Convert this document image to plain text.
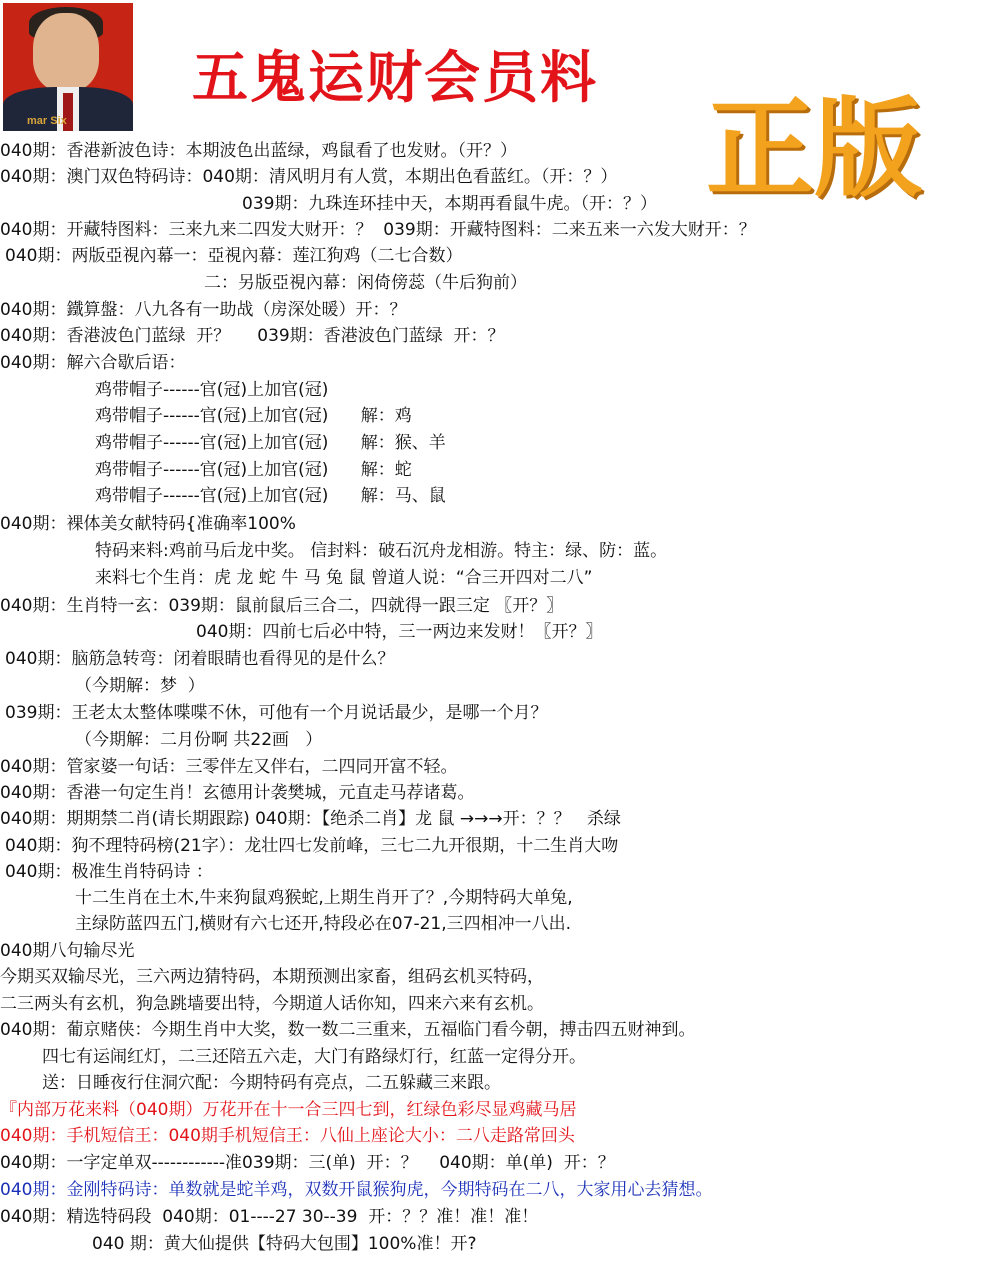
mar Six
五鬼运财会员料
正版
040期：香港新波色诗：本期波色出蓝绿，鸡鼠看了也发财。（开？）
040期：澳门双色特码诗：040期：清风明月有人赏，本期出色看蓝红。（开：？）
039期：九珠连环挂中天，本期再看鼠牛虎。（开：？）
040期：开藏特图料：三来九来二四发大财开：？  039期：开藏特图料：二来五来一六发大财开：？
040期：两版亞視內幕一：亞視內幕：莲江狗鸡（二七合数）
二：另版亞視內幕：闲倚傍蕊（牛后狗前）
040期：鐵算盤：八九各有一助战（房深处暖）开：？
040期：香港波色门蓝绿  开？     039期：香港波色门蓝绿  开：？
040期：解六合歇后语：
鸡带帽子------官(冠)上加官(冠)
鸡带帽子------官(冠)上加官(冠)      解：鸡
鸡带帽子------官(冠)上加官(冠)      解：猴、羊
鸡带帽子------官(冠)上加官(冠)      解：蛇
鸡带帽子------官(冠)上加官(冠)      解：马、鼠
040期：裸体美女献特码{准确率100%
特码来料:鸡前马后龙中奖。 信封料：破石沉舟龙相游。特主：绿、防：蓝。
来料七个生肖：虎 龙 蛇 牛 马 兔 鼠 曾道人说：“合三开四对二八”
040期：生肖特一玄：039期：鼠前鼠后三合二，四就得一跟三定 〖开？〗
040期：四前七后必中特，三一两边来发财！〖开？〗
040期：脑筋急转弯：闭着眼睛也看得见的是什么？
（今期解：梦  ）
039期：王老太太整体喋喋不休，可他有一个月说话最少，是哪一个月？
（今期解：二月份啊 共22画   ）
040期：管家婆一句话：三零伴左又伴右，二四同开富不轻。
040期：香港一句定生肖！玄德用计袭樊城，元直走马荐诸葛。
040期：期期禁二肖(请长期跟踪) 040期：【绝杀二肖】龙 鼠 →→→开：？？   杀绿
040期：狗不理特码榜(21字）：龙壮四七发前峰，三七二九开很期，十二生肖大吻
040期：极准生肖特码诗 ：
十二生肖在土木,牛来狗鼠鸡猴蛇,上期生肖开了？,今期特码大单兔,
主绿防蓝四五门,横财有六七还开,特段必在07-21,三四相冲一八出.
040期八句输尽光
今期买双输尽光，三六两边猜特码，本期预测出家畜，组码玄机买特码，
二三两头有玄机，狗急跳墙要出特，今期道人话你知，四来六来有玄机。
040期：葡京赌侠：今期生肖中大奖，数一数二三重来，五福临门看今朝，搏击四五财神到。
四七有运闹红灯，二三还陪五六走，大门有路绿灯行，红蓝一定得分开。
送：日睡夜行住洞穴配：今期特码有亮点，二五躲藏三来跟。
『内部万花来料（040期）万花开在十一合三四七到，红绿色彩尽显鸡藏马居
040期：手机短信王：040期手机短信王：八仙上座论大小：二八走路常回头
040期：一字定单双------------准039期：三(单)  开：？    040期：单(单)  开：？
040期：金刚特码诗：单数就是蛇羊鸡，双数开鼠猴狗虎，今期特码在二八，大家用心去猜想。
040期：精选特码段  040期：01----27 30--39  开：？？准！准！准！
040 期：黄大仙提供【特码大包围】100%准！开?
